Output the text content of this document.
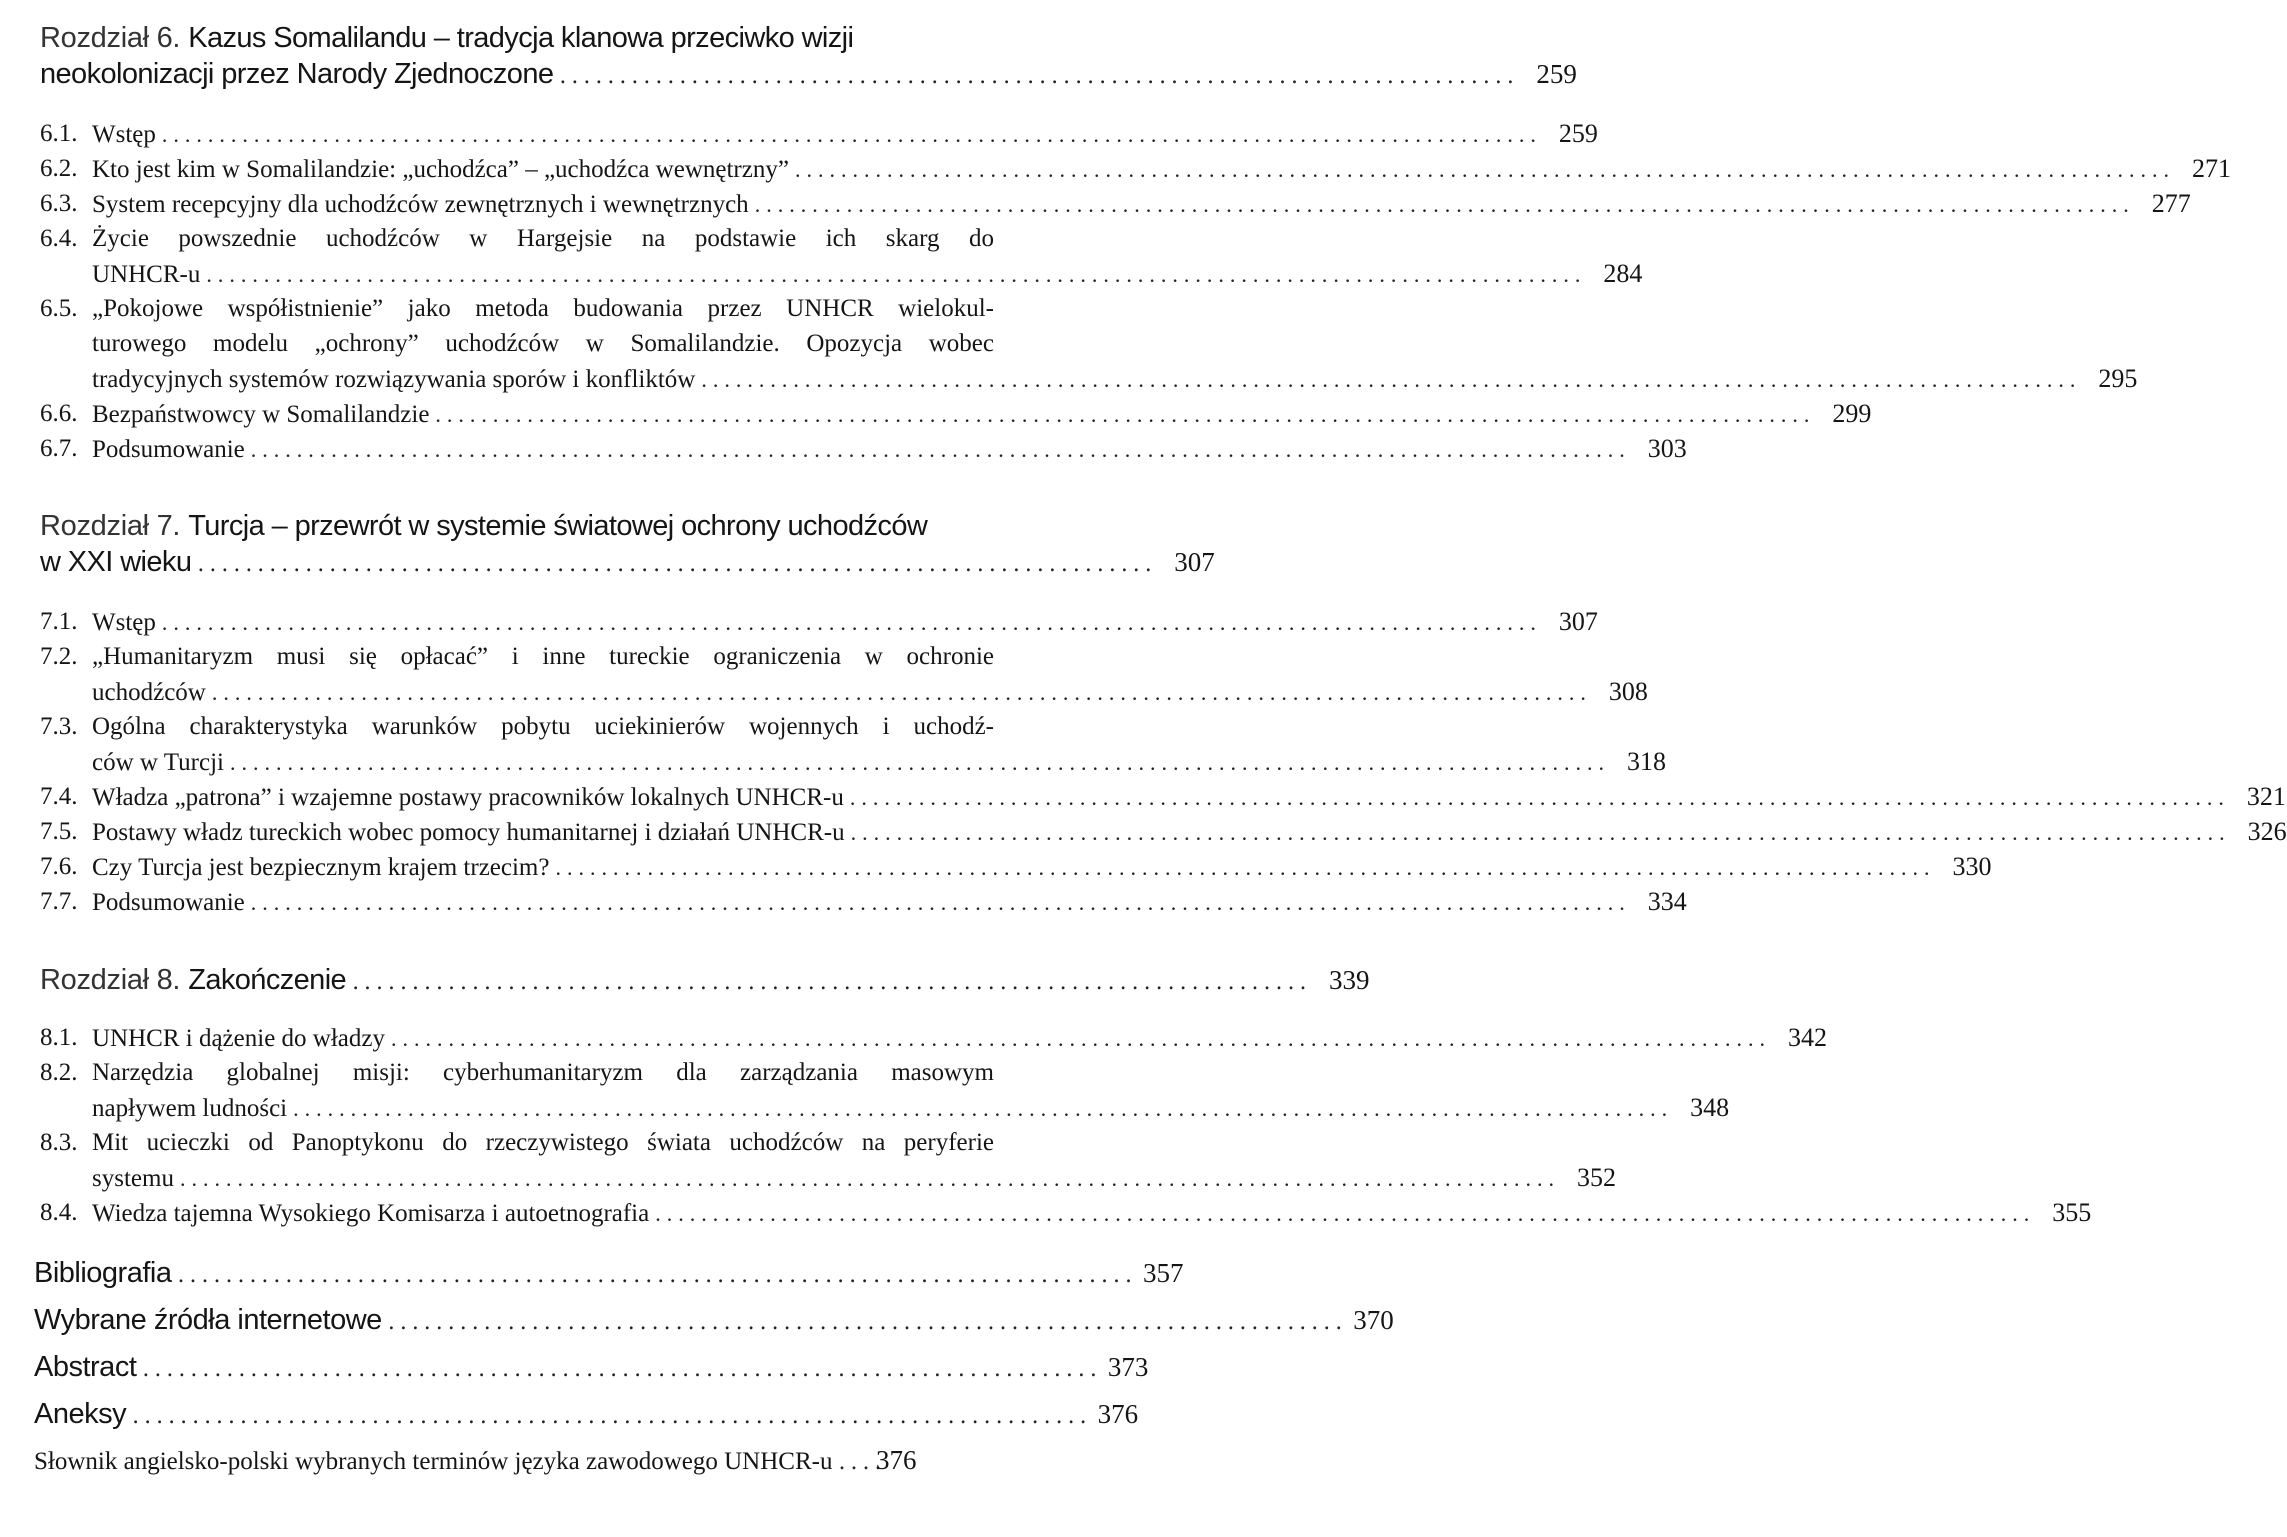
Rozdział 6. Kazus Somalilandu – tradycja klanowa przeciwko wizji
neokolonizacji przez Narody Zjednoczone ................................................................................ 259
6.1. Wstęp ........................................................................................................................ 259
6.2. Kto jest kim w Somalilandzie: „uchodźca” – „uchodźca wewnętrzny” ........................................................................................................................ 271
6.3. System recepcyjny dla uchodźców zewnętrznych i wewnętrznych ........................................................................................................................ 277
6.4. Życie powszednie uchodźców w Hargejsie na podstawie ich skarg do
UNHCR-u ........................................................................................................................ 284
6.5. „Pokojowe współistnienie” jako metoda budowania przez UNHCR wielokul-
turowego modelu „ochrony” uchodźców w Somalilandzie. Opozycja wobec
tradycyjnych systemów rozwiązywania sporów i konfliktów ........................................................................................................................ 295
6.6. Bezpaństwowcy w Somalilandzie ........................................................................................................................ 299
6.7. Podsumowanie ........................................................................................................................ 303
Rozdział 7. Turcja – przewrót w systemie światowej ochrony uchodźców
w XXI wieku ................................................................................ 307
7.1. Wstęp ........................................................................................................................ 307
7.2. „Humanitaryzm musi się opłacać” i inne tureckie ograniczenia w ochronie
uchodźców ........................................................................................................................ 308
7.3. Ogólna charakterystyka warunków pobytu uciekinierów wojennych i uchodź-
ców w Turcji ........................................................................................................................ 318
7.4. Władza „patrona” i wzajemne postawy pracowników lokalnych UNHCR-u ........................................................................................................................ 321
7.5. Postawy władz tureckich wobec pomocy humanitarnej i działań UNHCR-u ........................................................................................................................ 326
7.6. Czy Turcja jest bezpiecznym krajem trzecim? ........................................................................................................................ 330
7.7. Podsumowanie ........................................................................................................................ 334
Rozdział 8. Zakończenie ................................................................................ 339
8.1. UNHCR i dążenie do władzy ........................................................................................................................ 342
8.2. Narzędzia globalnej misji: cyberhumanitaryzm dla zarządzania masowym
napływem ludności ........................................................................................................................ 348
8.3. Mit ucieczki od Panoptykonu do rzeczywistego świata uchodźców na peryferie
systemu ........................................................................................................................ 352
8.4. Wiedza tajemna Wysokiego Komisarza i autoetnografia ........................................................................................................................ 355
Bibliografia ................................................................................ 357
Wybrane źródła internetowe ................................................................................ 370
Abstract ................................................................................ 373
Aneksy ................................................................................ 376
Słownik angielsko-polski wybranych terminów języka zawodowego UNHCR-u ....
376
